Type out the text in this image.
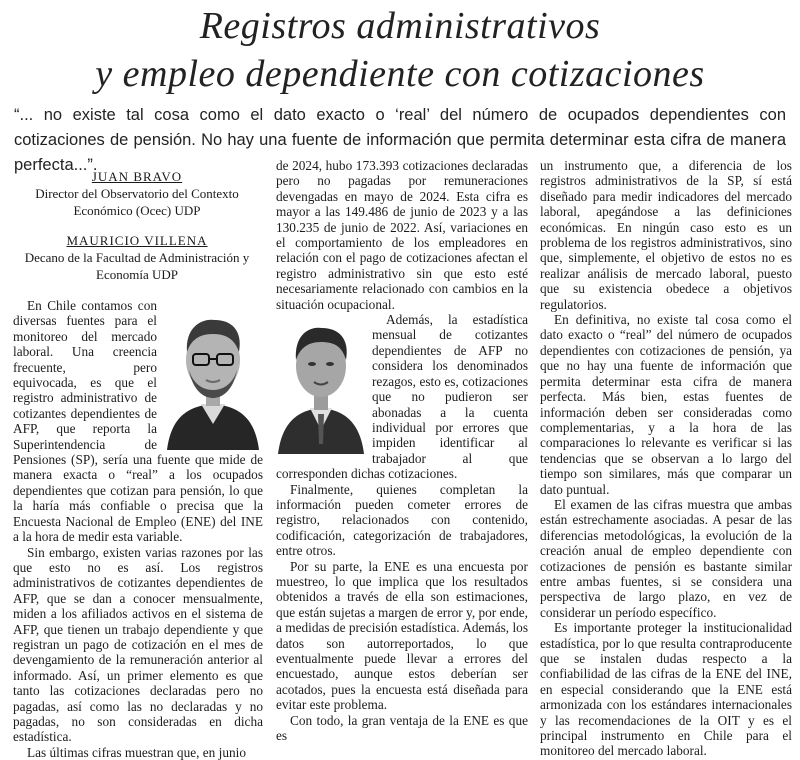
Registros administrativos
y empleo dependiente con cotizaciones
“... no existe tal cosa como el dato exacto o ‘real’ del número de ocupados dependientes con cotizaciones de pensión. No hay una fuente de información que permita determinar esta cifra de manera perfecta...”.
JUAN BRAVO
Director del Observatorio del Contexto Económico (Ocec) UDP
MAURICIO VILLENA
Decano de la Facultad de Administración y Economía UDP

En Chile contamos con diversas fuentes para el monitoreo del mercado laboral. Una creencia frecuente, pero equivocada, es que el registro administrativo de cotizantes dependientes de AFP, que reporta la Superintendencia de Pensiones (SP), sería una fuente que mide de manera exacta o “real” a los ocupados dependientes que cotizan para pensión, lo que la haría más confiable o precisa que la Encuesta Nacional de Empleo (ENE) del INE a la hora de medir esta variable.

Sin embargo, existen varias razones por las que esto no es así. Los registros administrativos de cotizantes dependientes de AFP, que se dan a conocer mensualmente, miden a los afiliados activos en el sistema de AFP, que tienen un trabajo dependiente y que registran un pago de cotización en el mes de devengamiento de la remuneración anterior al informado. Así, un primer elemento es que tanto las cotizaciones declaradas pero no pagadas, así como las no declaradas y no pagadas, no son consideradas en dicha estadística.

Las últimas cifras muestran que, en junio

de 2024, hubo 173.393 cotizaciones declaradas pero no pagadas por remuneraciones devengadas en mayo de 2024. Esta cifra es mayor a las 149.486 de junio de 2023 y a las 130.235 de junio de 2022. Así, variaciones en el comportamiento de los empleadores en relación con el pago de cotizaciones afectan el registro administrativo sin que esto esté necesariamente relacionado con cambios en la situación ocupacional.

Además, la estadística mensual de cotizantes dependientes de AFP no considera los denominados rezagos, esto es, cotizaciones que no pudieron ser abonadas a la cuenta individual por errores que impiden identificar al trabajador al que corresponden dichas cotizaciones.

Finalmente, quienes completan la información pueden cometer errores de registro, relacionados con contenido, codificación, categorización de trabajadores, entre otros.

Por su parte, la ENE es una encuesta por muestreo, lo que implica que los resultados obtenidos a través de ella son estimaciones, que están sujetas a margen de error y, por ende, a medidas de precisión estadística. Además, los datos son autorreportados, lo que eventualmente puede llevar a errores del encuestado, aunque estos deberían ser acotados, pues la encuesta está diseñada para evitar este problema.

Con todo, la gran ventaja de la ENE es que es

un instrumento que, a diferencia de los registros administrativos de la SP, sí está diseñado para medir indicadores del mercado laboral, apegándose a las definiciones económicas. En ningún caso esto es un problema de los registros administrativos, sino que, simplemente, el objetivo de estos no es realizar análisis de mercado laboral, puesto que su existencia obedece a objetivos regulatorios.

En definitiva, no existe tal cosa como el dato exacto o “real” del número de ocupados dependientes con cotizaciones de pensión, ya que no hay una fuente de información que permita determinar esta cifra de manera perfecta. Más bien, estas fuentes de información deben ser consideradas como complementarias, y a la hora de las comparaciones lo relevante es verificar si las tendencias que se observan a lo largo del tiempo son similares, más que comparar un dato puntual.

El examen de las cifras muestra que ambas están estrechamente asociadas. A pesar de las diferencias metodológicas, la evolución de la creación anual de empleo dependiente con cotizaciones de pensión es bastante similar entre ambas fuentes, si se considera una perspectiva de largo plazo, en vez de considerar un período específico.

Es importante proteger la institucionalidad estadística, por lo que resulta contraproducente que se instalen dudas respecto a la confiabilidad de las cifras de la ENE del INE, en especial considerando que la ENE está armonizada con los estándares internacionales y las recomendaciones de la OIT y es el principal instrumento en Chile para el monitoreo del mercado laboral.
